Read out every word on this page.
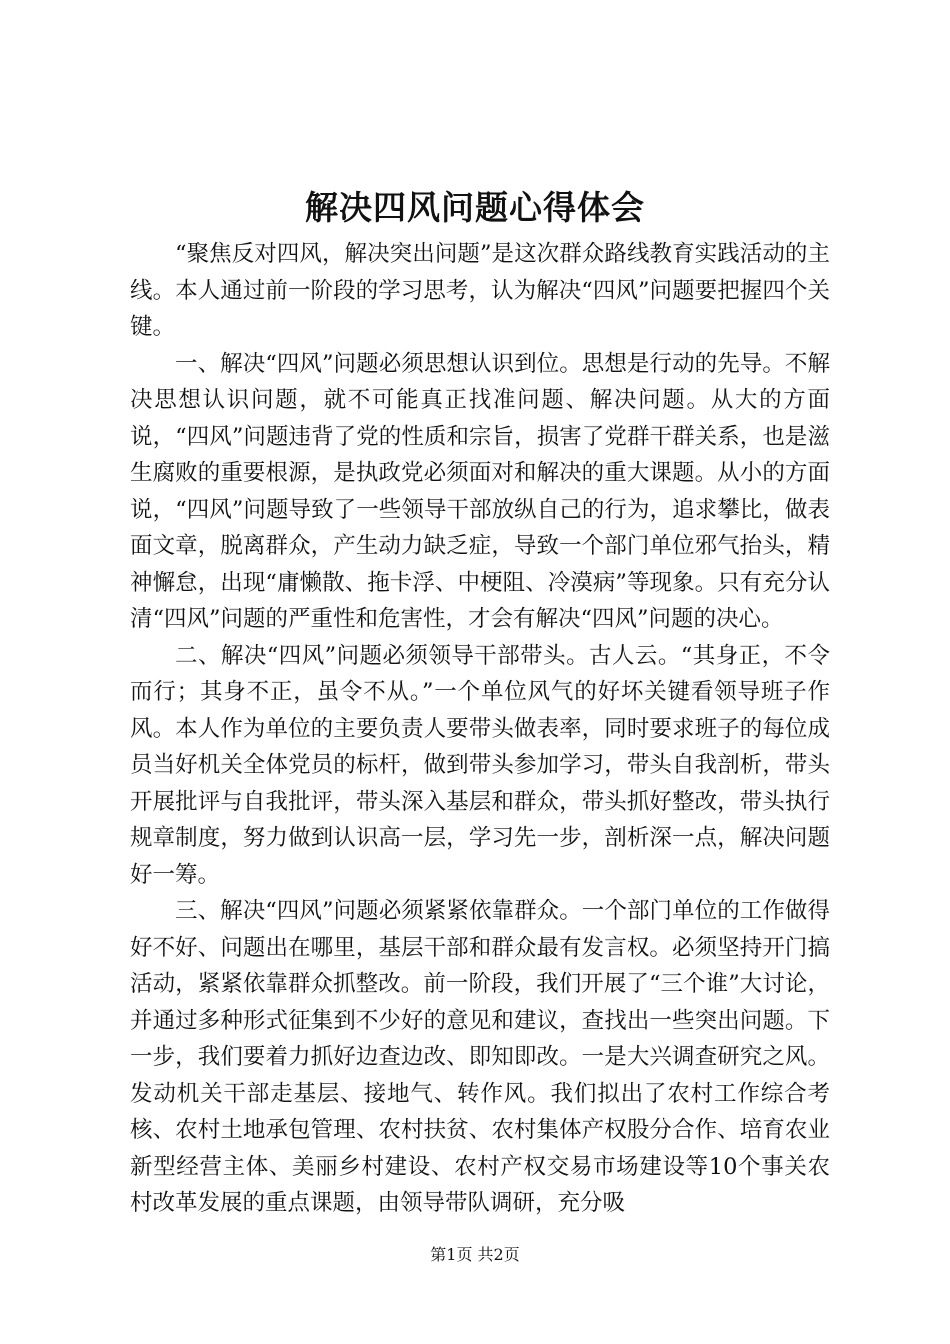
解决四风问题心得体会

“聚焦反对四风，解决突出问题”是这次群众路线教育实践活动的主线。本人通过前一阶段的学习思考，认为解决“四风”问题要把握四个关键。

一、解决“四风”问题必须思想认识到位。思想是行动的先导。不解决思想认识问题，就不可能真正找准问题、解决问题。从大的方面说，“四风”问题违背了党的性质和宗旨，损害了党群干群关系，也是滋生腐败的重要根源，是执政党必须面对和解决的重大课题。从小的方面说，“四风”问题导致了一些领导干部放纵自己的行为，追求攀比，做表面文章，脱离群众，产生动力缺乏症，导致一个部门单位邪气抬头，精神懈怠，出现“庸懒散、拖卡浮、中梗阻、冷漠病”等现象。只有充分认清“四风”问题的严重性和危害性，才会有解决“四风”问题的决心。

二、解决“四风”问题必须领导干部带头。古人云。“其身正，不令而行；其身不正，虽令不从。”一个单位风气的好坏关键看领导班子作风。本人作为单位的主要负责人要带头做表率，同时要求班子的每位成员当好机关全体党员的标杆，做到带头参加学习，带头自我剖析，带头开展批评与自我批评，带头深入基层和群众，带头抓好整改，带头执行规章制度，努力做到认识高一层，学习先一步，剖析深一点，解决问题好一筹。

三、解决“四风”问题必须紧紧依靠群众。一个部门单位的工作做得好不好、问题出在哪里，基层干部和群众最有发言权。必须坚持开门搞活动，紧紧依靠群众抓整改。前一阶段，我们开展了“三个谁”大讨论，并通过多种形式征集到不少好的意见和建议，查找出一些突出问题。下一步，我们要着力抓好边查边改、即知即改。一是大兴调查研究之风。发动机关干部走基层、接地气、转作风。我们拟出了农村工作综合考核、农村土地承包管理、农村扶贫、农村集体产权股分合作、培育农业新型经营主体、美丽乡村建设、农村产权交易市场建设等10个事关农村改革发展的重点课题，由领导带队调研，充分吸

第1页 共2页
